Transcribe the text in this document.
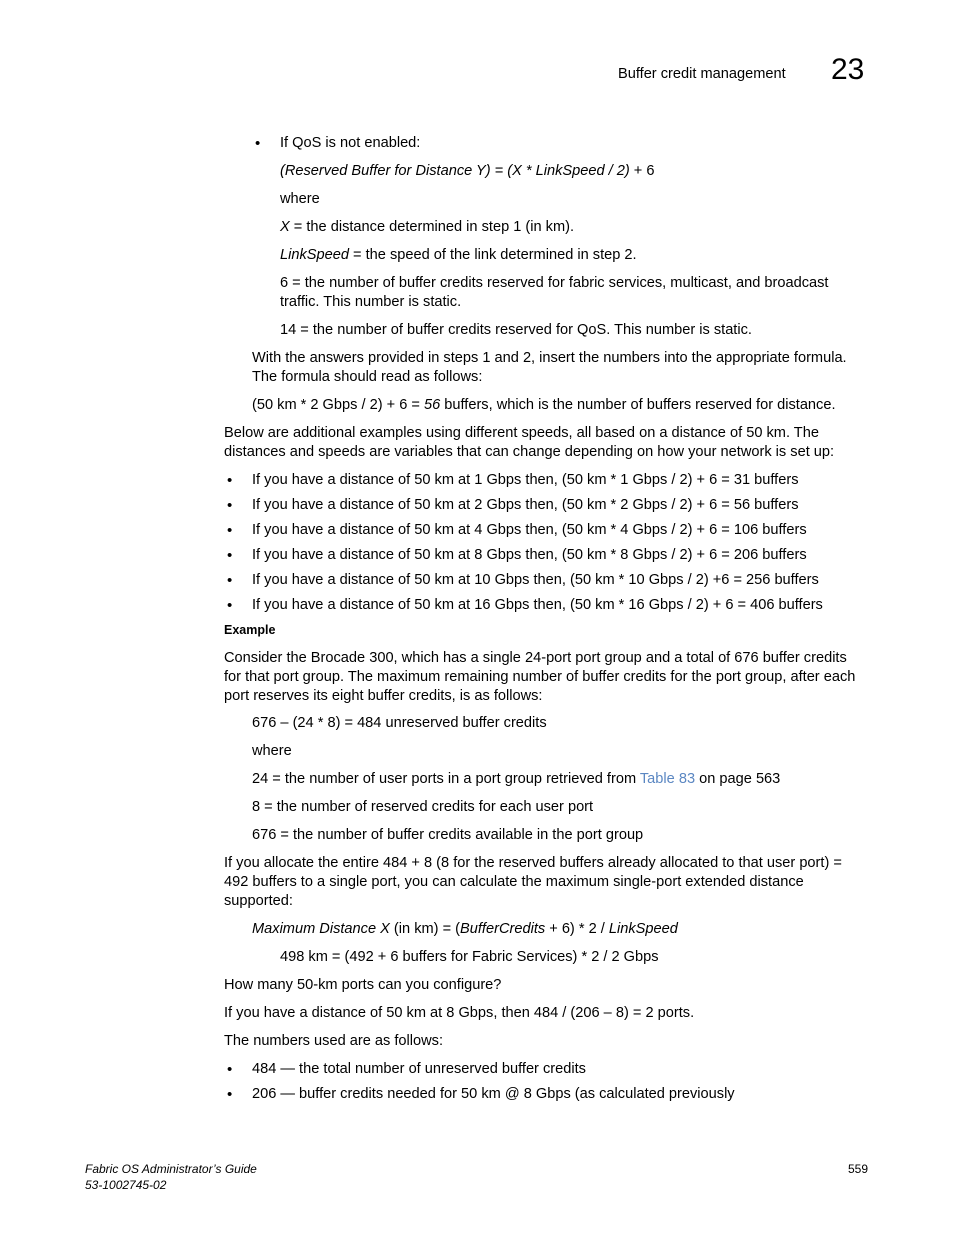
Buffer credit management 23
• If QoS is not enabled:
(Reserved Buffer for Distance Y) = (X * LinkSpeed / 2) + 6
where
X = the distance determined in step 1 (in km).
LinkSpeed = the speed of the link determined in step 2.
6 = the number of buffer credits reserved for fabric services, multicast, and broadcast
traffic. This number is static.
14 = the number of buffer credits reserved for QoS. This number is static.
With the answers provided in steps 1 and 2, insert the numbers into the appropriate formula.
The formula should read as follows:
(50 km * 2 Gbps / 2) + 6 = 56 buffers, which is the number of buffers reserved for distance.
Below are additional examples using different speeds, all based on a distance of 50 km. The
distances and speeds are variables that can change depending on how your network is set up:
• If you have a distance of 50 km at 1 Gbps then, (50 km * 1 Gbps / 2) + 6 = 31 buffers
• If you have a distance of 50 km at 2 Gbps then, (50 km * 2 Gbps / 2) + 6 = 56 buffers
• If you have a distance of 50 km at 4 Gbps then, (50 km * 4 Gbps / 2) + 6 = 106 buffers
• If you have a distance of 50 km at 8 Gbps then, (50 km * 8 Gbps / 2) + 6 = 206 buffers
• If you have a distance of 50 km at 10 Gbps then, (50 km * 10 Gbps / 2) +6 = 256 buffers
• If you have a distance of 50 km at 16 Gbps then, (50 km * 16 Gbps / 2) + 6 = 406 buffers
Example
Consider the Brocade 300, which has a single 24-port port group and a total of 676 buffer credits
for that port group. The maximum remaining number of buffer credits for the port group, after each
port reserves its eight buffer credits, is as follows:
676 – (24 * 8) = 484 unreserved buffer credits
where
24 = the number of user ports in a port group retrieved from Table 83 on page 563
8 = the number of reserved credits for each user port
676 = the number of buffer credits available in the port group
If you allocate the entire 484 + 8 (8 for the reserved buffers already allocated to that user port) =
492 buffers to a single port, you can calculate the maximum single-port extended distance
supported:
Maximum Distance X (in km) = (BufferCredits + 6) * 2 / LinkSpeed
498 km = (492 + 6 buffers for Fabric Services) * 2 / 2 Gbps
How many 50-km ports can you configure?
If you have a distance of 50 km at 8 Gbps, then 484 / (206 – 8) = 2 ports.
The numbers used are as follows:
• 484 — the total number of unreserved buffer credits
• 206 — buffer credits needed for 50 km @ 8 Gbps (as calculated previously
Fabric OS Administrator’s Guide
53-1002745-02
559
